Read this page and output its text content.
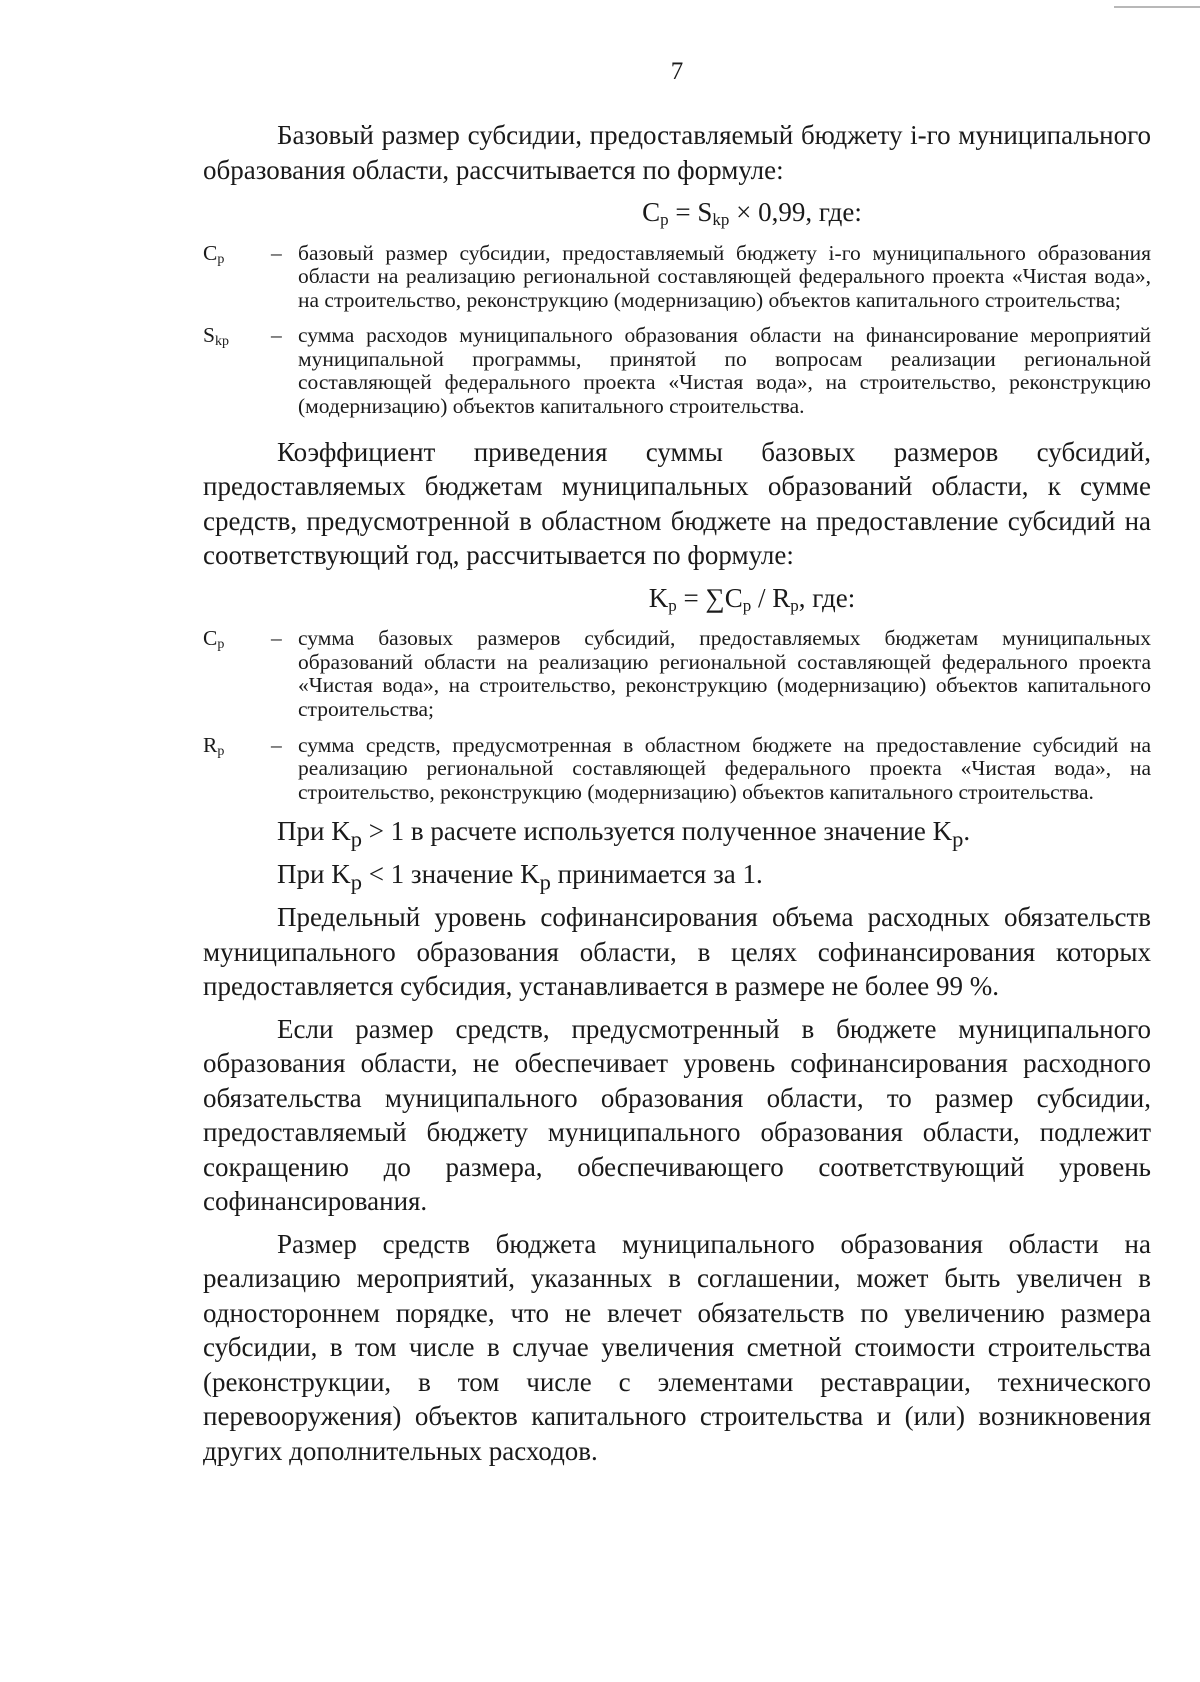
7

Базовый размер субсидии, предоставляемый бюджету i-го муниципального образования области, рассчитывается по формуле:

$C_p = S_{kp} \times 0,99$, где:

$C_p$	– базовый размер субсидии, предоставляемый бюджету i-го муниципального образования области на реализацию региональной составляющей федерального проекта «Чистая вода», на строительство, реконструкцию (модернизацию) объектов капитального строительства;
$S_{kp}$	– сумма расходов муниципального образования области на финансирование мероприятий муниципальной программы, принятой по вопросам реализации региональной составляющей федерального проекта «Чистая вода», на строительство, реконструкцию (модернизацию) объектов капитального строительства.

Коэффициент приведения суммы базовых размеров субсидий, предоставляемых бюджетам муниципальных образований области, к сумме средств, предусмотренной в областном бюджете на предоставление субсидий на соответствующий год, рассчитывается по формуле:

$K_p = \sum C_p / R_p$, где:

$C_p$	– сумма базовых размеров субсидий, предоставляемых бюджетам муниципальных образований области на реализацию региональной составляющей федерального проекта «Чистая вода», на строительство, реконструкцию (модернизацию) объектов капитального строительства;
$R_p$	– сумма средств, предусмотренная в областном бюджете на предоставление субсидий на реализацию региональной составляющей федерального проекта «Чистая вода», на строительство, реконструкцию (модернизацию) объектов капитального строительства.

При $K_p > 1$ в расчете используется полученное значение $K_p$.

При $K_p < 1$ значение $K_p$ принимается за 1.

Предельный уровень софинансирования объема расходных обязательств муниципального образования области, в целях софинансирования которых предоставляется субсидия, устанавливается в размере не более 99 %.

Если размер средств, предусмотренный в бюджете муниципального образования области, не обеспечивает уровень софинансирования расходного обязательства муниципального образования области, то размер субсидии, предоставляемый бюджету муниципального образования области, подлежит сокращению до размера, обеспечивающего соответствующий уровень софинансирования.

Размер средств бюджета муниципального образования области на реализацию мероприятий, указанных в соглашении, может быть увеличен в одностороннем порядке, что не влечет обязательств по увеличению размера субсидии, в том числе в случае увеличения сметной стоимости строительства (реконструкции, в том числе с элементами реставрации, технического перевооружения) объектов капитального строительства и (или) возникновения других дополнительных расходов.
